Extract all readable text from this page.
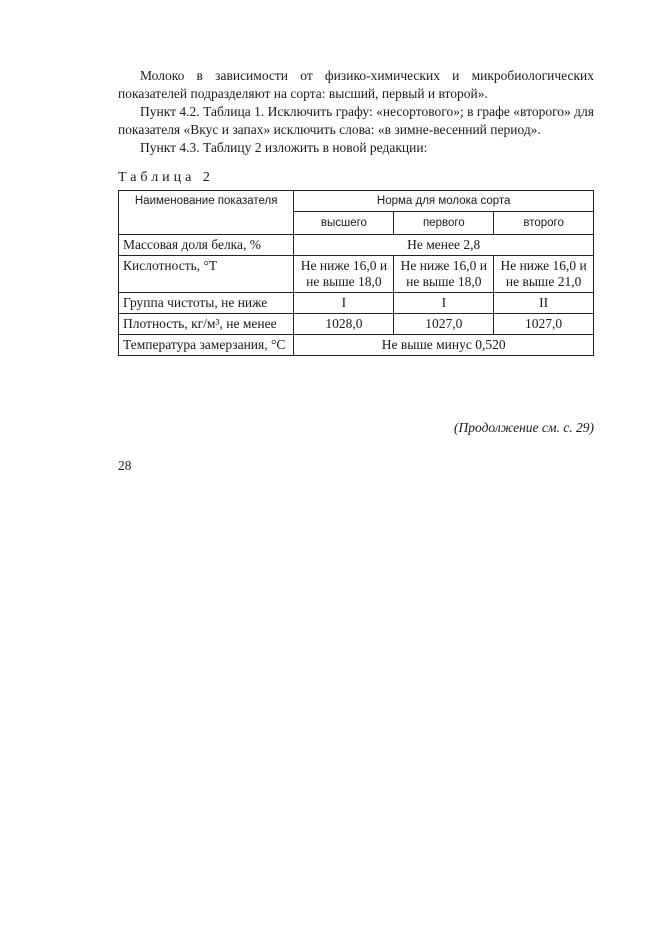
Молоко в зависимости от физико-химических и микробиологических показателей подразделяют на сорта: высший, первый и второй».

Пункт 4.2. Таблица 1. Исключить графу: «несортового»; в графе «второго» для показателя «Вкус и запах» исключить слова: «в зимне-весенний период».

Пункт 4.3. Таблицу 2 изложить в новой редакции:

Таблица 2
Наименование показателя	Норма для молока сорта		
	высшего	первого	второго
Массовая доля белка, %	Не менее 2,8		
Кислотность, °Т	Не ниже 16,0 и не выше 18,0	Не ниже 16,0 и не выше 18,0	Не ниже 16,0 и не выше 21,0
Группа чистоты, не ниже	I	I	II
Плотность, кг/м³, не менее	1028,0	1027,0	1027,0
Температура замерзания, °С	Не выше минус 0,520		
(Продолжение см. с. 29)
28
